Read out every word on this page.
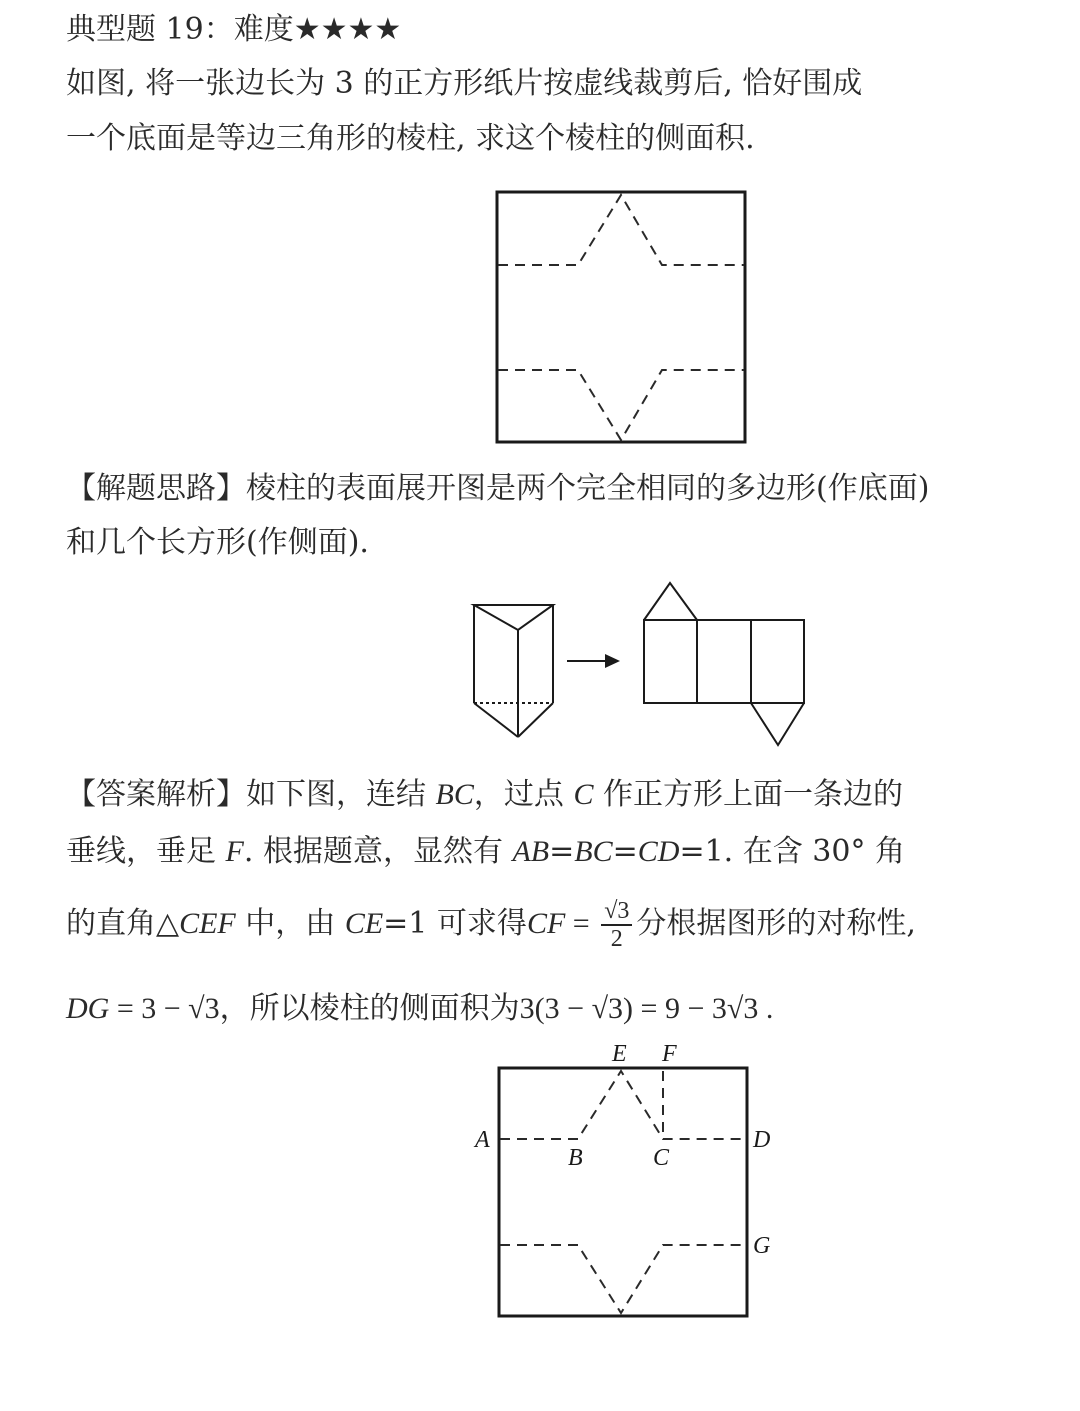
典型题 19：难度★★★★
如图, 将一张边长为 3 的正方形纸片按虚线裁剪后, 恰好围成
一个底面是等边三角形的棱柱, 求这个棱柱的侧面积.
【解题思路】棱柱的表面展开图是两个完全相同的多边形(作底面)
和几个长方形(作侧面).
【答案解析】如下图，连结 BC，过点 C 作正方形上面一条边的
垂线，垂足 F. 根据题意，显然有 AB=BC=CD=1. 在含 30° 角
的直角△CEF 中，由 CE=1 可求得CF = $\frac{√3}{2}$ 分根据图形的对称性,
DG = 3 − √3，所以棱柱的侧面积为3(3 − √3) = 9 − 3√3 .
E F
A
B	C
D
G
